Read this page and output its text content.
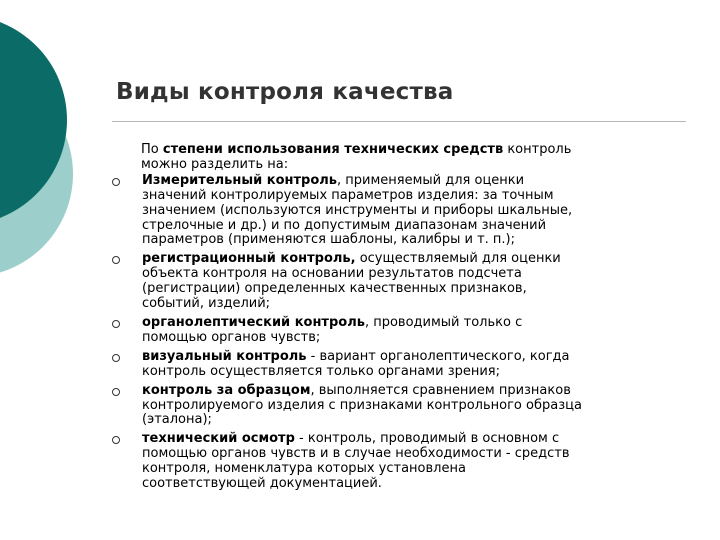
Виды контроля качества
По степени использования технических средств контроль
можно разделить на:
Измерительный контроль, применяемый для оценки
значений контролируемых параметров изделия: за точным
значением (используются инструменты и приборы шкальные,
стрелочные и др.) и по допустимым диапазонам значений
параметров (применяются шаблоны, калибры и т. п.);
регистрационный контроль, осуществляемый для оценки
объекта контроля на основании результатов подсчета
(регистрации) определенных качественных признаков,
событий, изделий;
органолептический контроль, проводимый только с
помощью органов чувств;
визуальный контроль - вариант органолептического, когда
контроль осуществляется только органами зрения;
контроль за образцом, выполняется сравнением признаков
контролируемого изделия с признаками контрольного образца
(эталона);
технический осмотр - контроль, проводимый в основном с
помощью органов чувств и в случае необходимости - средств
контроля, номенклатура которых установлена
соответствующей документацией.
